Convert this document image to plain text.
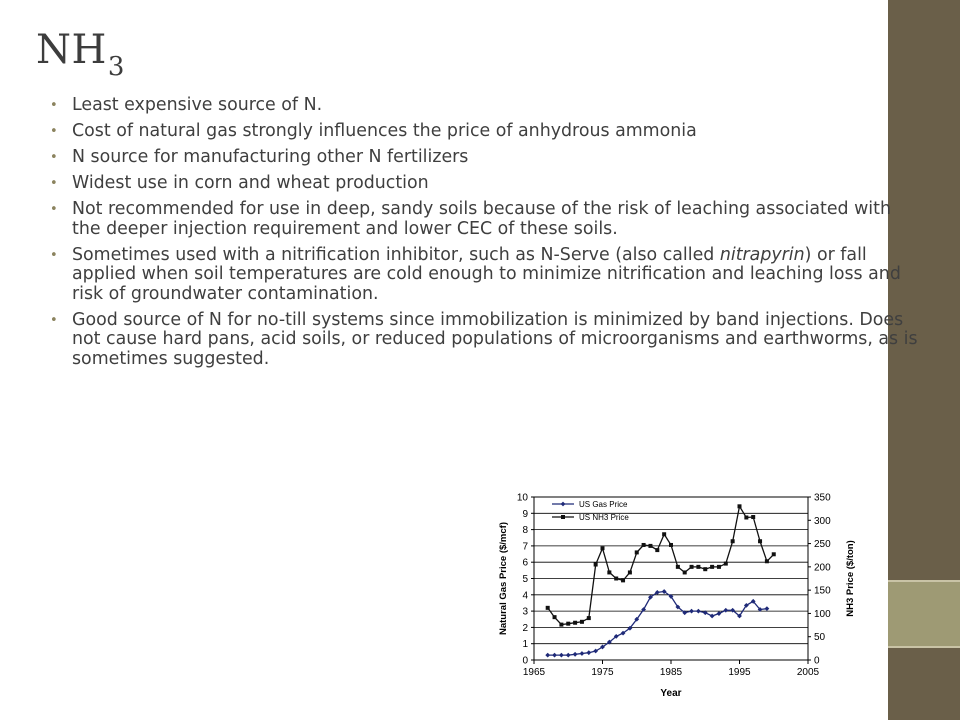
$NH_3$
• Least expensive source of N.
• Cost of natural gas strongly influences the price of anhydrous ammonia
• N source for manufacturing other N fertilizers
• Widest use in corn and wheat production
• Not recommended for use in deep, sandy soils because of the risk of leaching associated with the deeper injection requirement and lower CEC of these soils.
• Sometimes used with a nitrification inhibitor, such as N-Serve (also called nitrapyrin) or fall applied when soil temperatures are cold enough to minimize nitrification and leaching loss and risk of groundwater contamination.
• Good source of N for no-till systems since immobilization is minimized by band injections. Does not cause hard pans, acid soils, or reduced populations of microorganisms and earthworms, as is sometimes suggested.
0
1
2
3
4
5
6
7
8
9
10
0
50
100
150
200
250
300
350
1965	1975	1985	1995	2005
US Gas Price
US NH3 Price
Year
Natural Gas Price ($/mcf)	NH3 Price ($/ton)
